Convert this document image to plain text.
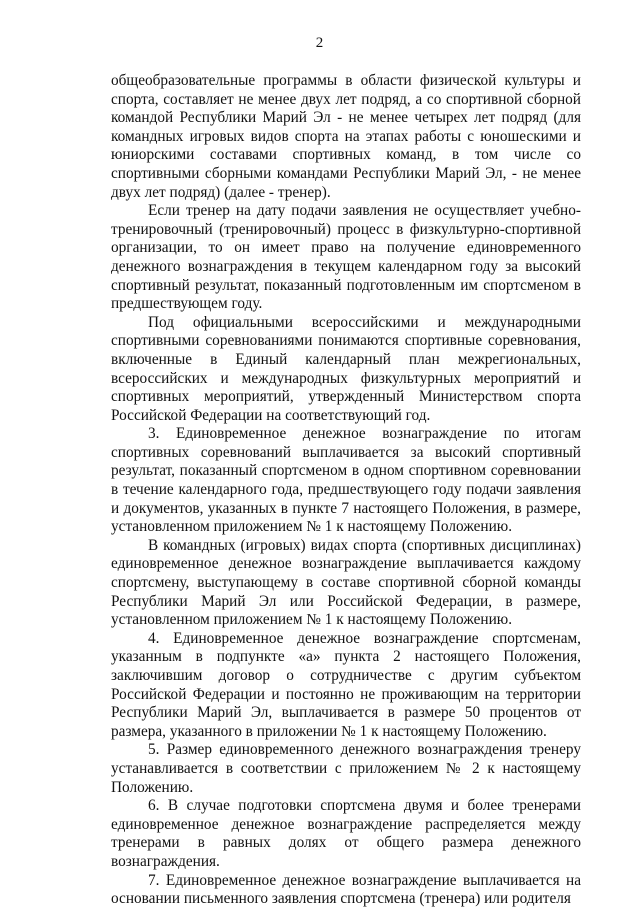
2

общеобразовательные программы в области физической культуры и спорта, составляет не менее двух лет подряд, а со спортивной сборной командой Республики Марий Эл - не менее четырех лет подряд (для командных игровых видов спорта на этапах работы с юношескими и юниорскими составами спортивных команд, в том числе со спортивными сборными командами Республики Марий Эл, - не менее двух лет подряд) (далее - тренер).

Если тренер на дату подачи заявления не осуществляет учебно-тренировочный (тренировочный) процесс в физкультурно-спортивной организации, то он имеет право на получение единовременного денежного вознаграждения в текущем календарном году за высокий спортивный результат, показанный подготовленным им спортсменом в предшествующем году.

Под официальными всероссийскими и международными спортивными соревнованиями понимаются спортивные соревнования, включенные в Единый календарный план межрегиональных, всероссийских и международных физкультурных мероприятий и спортивных мероприятий, утвержденный Министерством спорта Российской Федерации на соответствующий год.

3. Единовременное денежное вознаграждение по итогам спортивных соревнований выплачивается за высокий спортивный результат, показанный спортсменом в одном спортивном соревновании в течение календарного года, предшествующего году подачи заявления и документов, указанных в пункте 7 настоящего Положения, в размере, установленном приложением № 1 к настоящему Положению.

В командных (игровых) видах спорта (спортивных дисциплинах) единовременное денежное вознаграждение выплачивается каждому спортсмену, выступающему в составе спортивной сборной команды Республики Марий Эл или Российской Федерации, в размере, установленном приложением № 1 к настоящему Положению.

4. Единовременное денежное вознаграждение спортсменам, указанным в подпункте «а» пункта 2 настоящего Положения, заключившим договор о сотрудничестве с другим субъектом Российской Федерации и постоянно не проживающим на территории Республики Марий Эл, выплачивается в размере 50 процентов от размера, указанного в приложении № 1 к настоящему Положению.

5. Размер единовременного денежного вознаграждения тренеру устанавливается в соответствии с приложением № 2 к настоящему Положению.

6. В случае подготовки спортсмена двумя и более тренерами единовременное денежное вознаграждение распределяется между тренерами в равных долях от общего размера денежного вознаграждения.

7. Единовременное денежное вознаграждение выплачивается на основании письменного заявления спортсмена (тренера) или родителя
